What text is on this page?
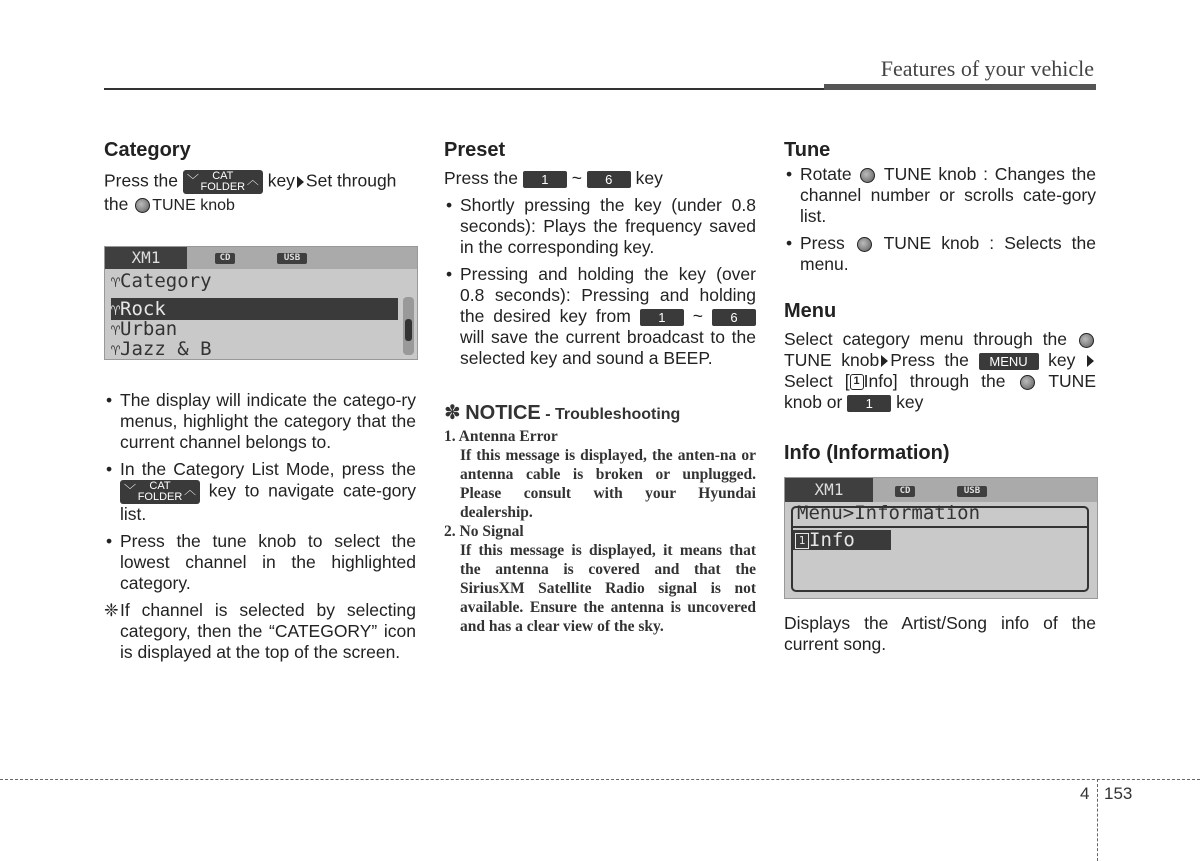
Features of your vehicle
Category

Press the ﹀	CAT
FOLDER ︿ key Set through the TUNE knob

XM1	CD	USB
♈Category
♈Rock
♈Urban
♈Jazz & B
• The display will indicate the catego-ry menus, highlight the category that the current channel belongs to.
• In the Category List Mode, press the
﹀	CAT
FOLDER ︿ key to navigate cate-gory list.
• Press the tune knob to select the lowest channel in the highlighted category.
❈ If channel is selected by selecting category, then the “CATEGORY” icon is displayed at the top of the screen.
Preset

Press the 1 ~ 6 key

• Shortly pressing the key (under 0.8 seconds): Plays the frequency saved in the corresponding key.
• Pressing and holding the key (over 0.8 seconds): Pressing and holding the desired key from 1 ~ 6 will save the current broadcast to the selected key and sound a BEEP.
✽ NOTICE - Troubleshooting
1. Antenna Error
If this message is displayed, the anten-na or antenna cable is broken or unplugged. Please consult with your Hyundai dealership.
2. No Signal
If this message is displayed, it means that the antenna is covered and that the SiriusXM Satellite Radio signal is not available. Ensure the antenna is uncovered and has a clear view of the sky.
Tune
• Rotate TUNE knob : Changes the channel number or scrolls cate-gory list.
• Press TUNE knob : Selects the menu.
Menu

Select category menu through the TUNE knob Press the MENU key Select [ 1 Info] through the TUNE knob or 1 key

Info (Information)
XM1	CD	USB
Menu>Information
1 Info

Displays the Artist/Song info of the current song.

4 153
